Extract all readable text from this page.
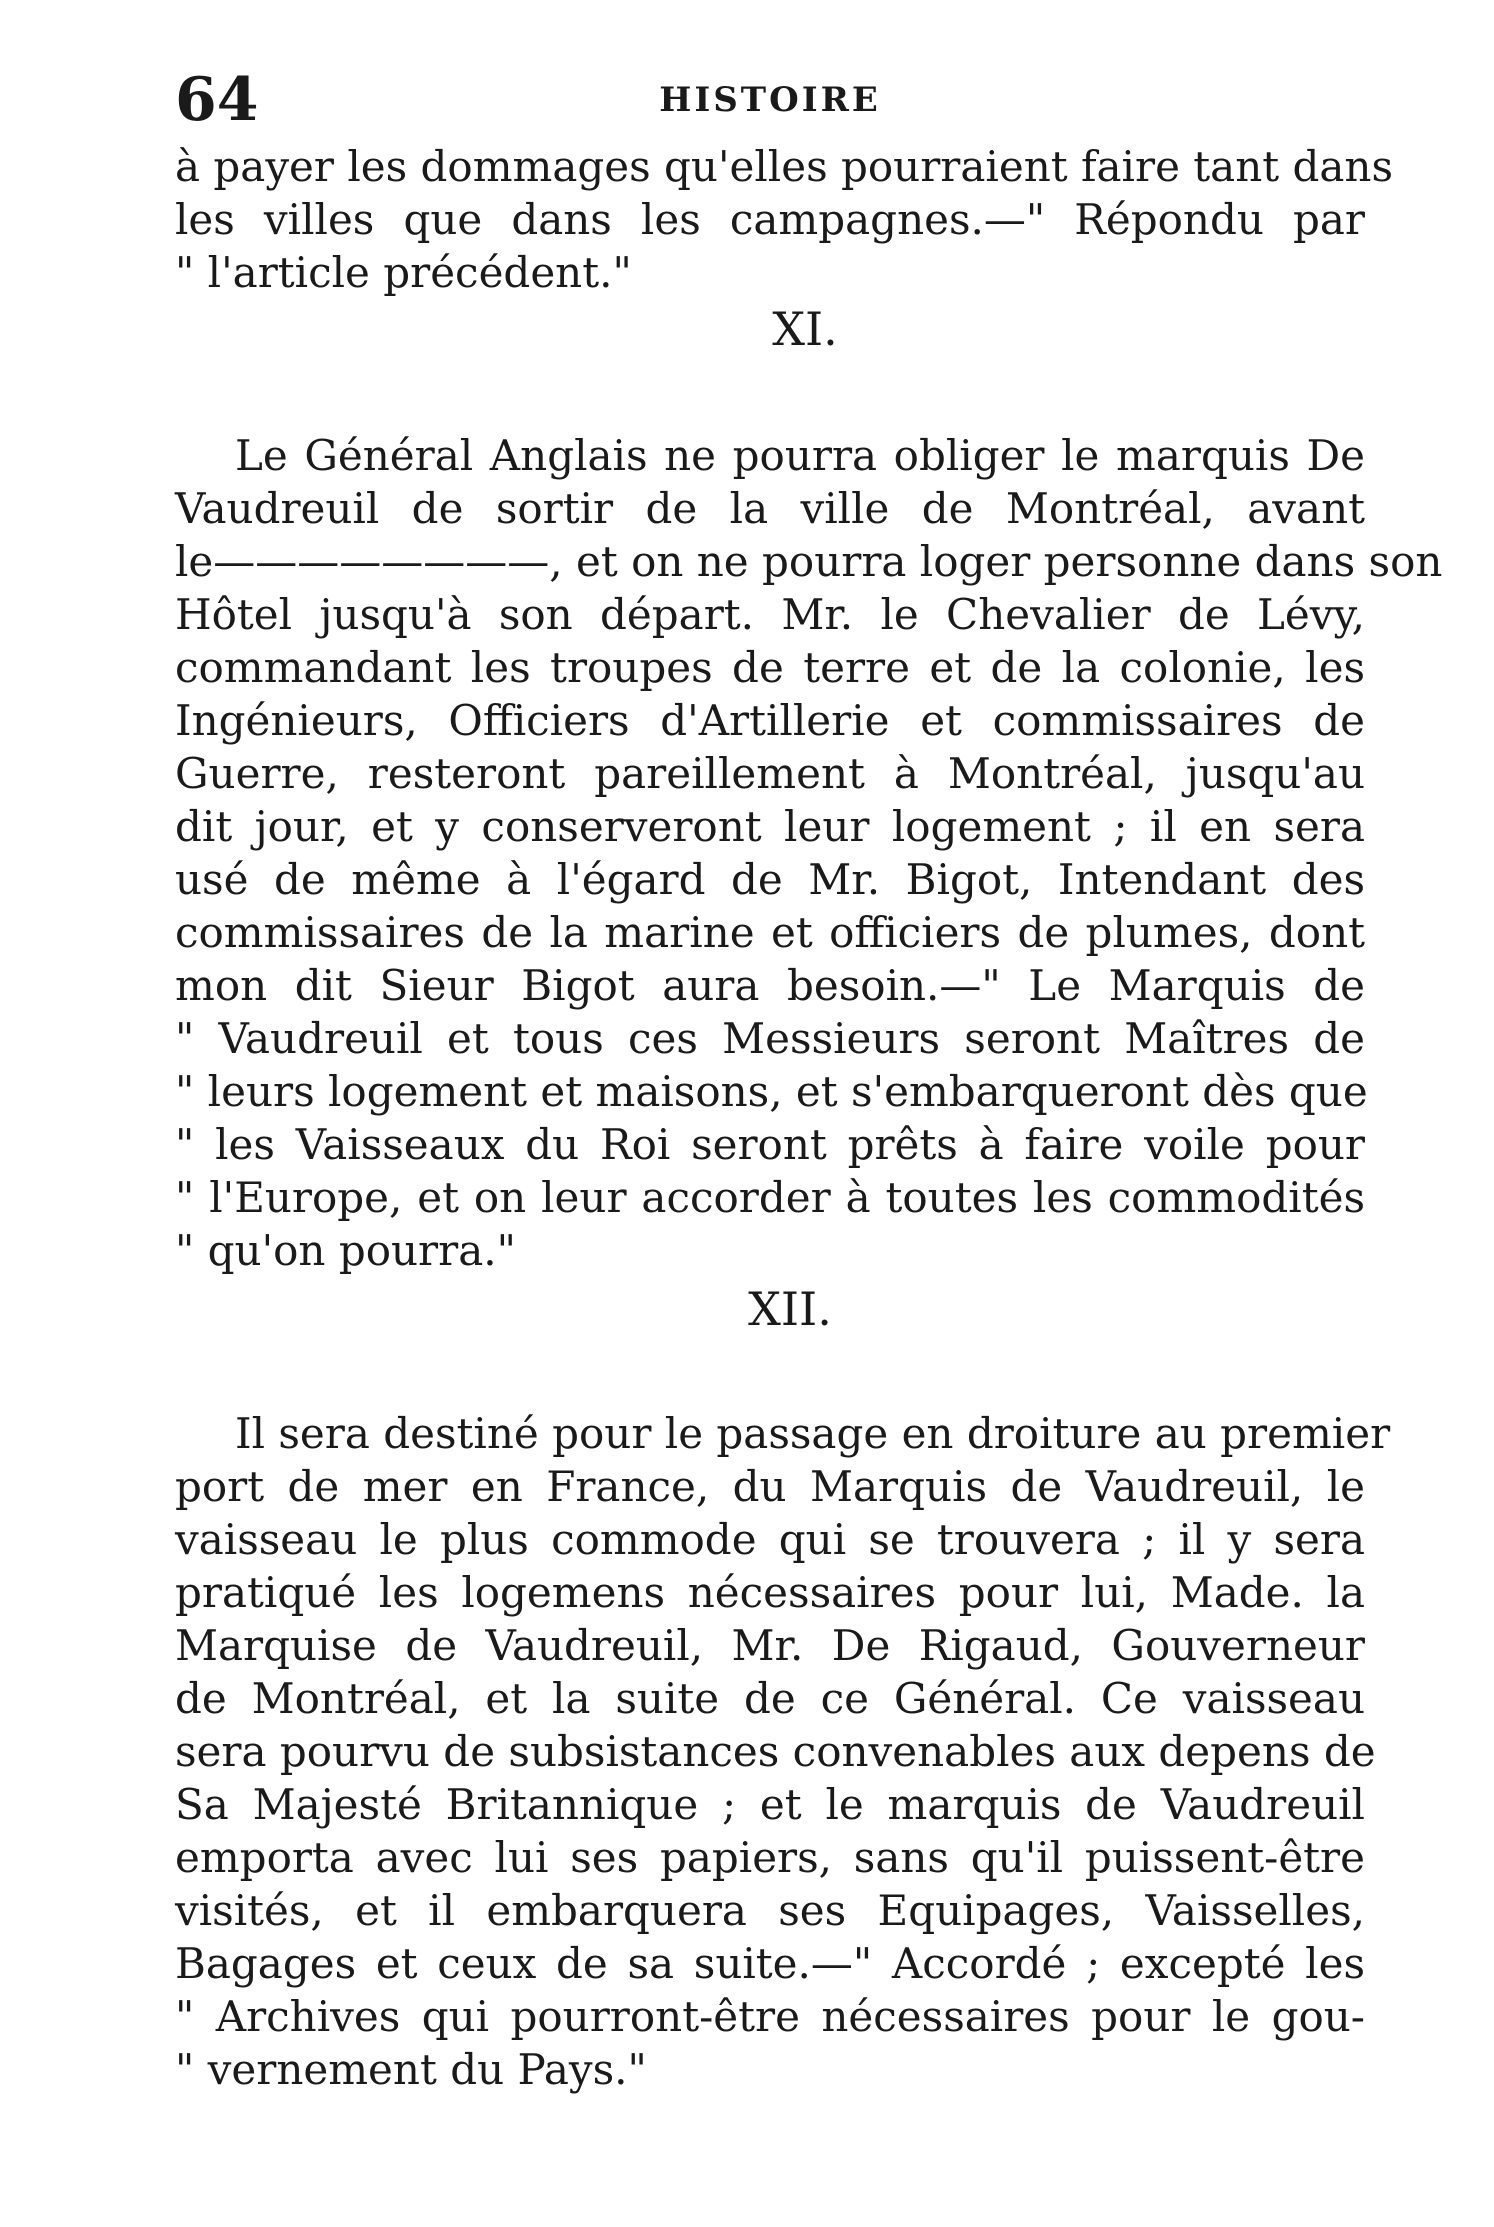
64	HISTOIRE
à payer les dommages qu'elles pourraient faire tant dans
les villes que dans les campagnes.—" Répondu par
" l'article précédent."
XI.
Le Général Anglais ne pourra obliger le marquis De
Vaudreuil de sortir de la ville de Montréal, avant
le————————, et on ne pourra loger personne dans son
Hôtel jusqu'à son départ. Mr. le Chevalier de Lévy,
commandant les troupes de terre et de la colonie, les
Ingénieurs, Officiers d'Artillerie et commissaires de
Guerre, resteront pareillement à Montréal, jusqu'au
dit jour, et y conserveront leur logement ; il en sera
usé de même à l'égard de Mr. Bigot, Intendant des
commissaires de la marine et officiers de plumes, dont
mon dit Sieur Bigot aura besoin.—" Le Marquis de
" Vaudreuil et tous ces Messieurs seront Maîtres de
" leurs logement et maisons, et s'embarqueront dès que
" les Vaisseaux du Roi seront prêts à faire voile pour
" l'Europe, et on leur accorder à toutes les commodités
" qu'on pourra."
XII.
Il sera destiné pour le passage en droiture au premier
port de mer en France, du Marquis de Vaudreuil, le
vaisseau le plus commode qui se trouvera ; il y sera
pratiqué les logemens nécessaires pour lui, Made. la
Marquise de Vaudreuil, Mr. De Rigaud, Gouverneur
de Montréal, et la suite de ce Général. Ce vaisseau
sera pourvu de subsistances convenables aux depens de
Sa Majesté Britannique ; et le marquis de Vaudreuil
emporta avec lui ses papiers, sans qu'il puissent-être
visités, et il embarquera ses Equipages, Vaisselles,
Bagages et ceux de sa suite.—" Accordé ; excepté les
" Archives qui pourront-être nécessaires pour le gou-
" vernement du Pays."
